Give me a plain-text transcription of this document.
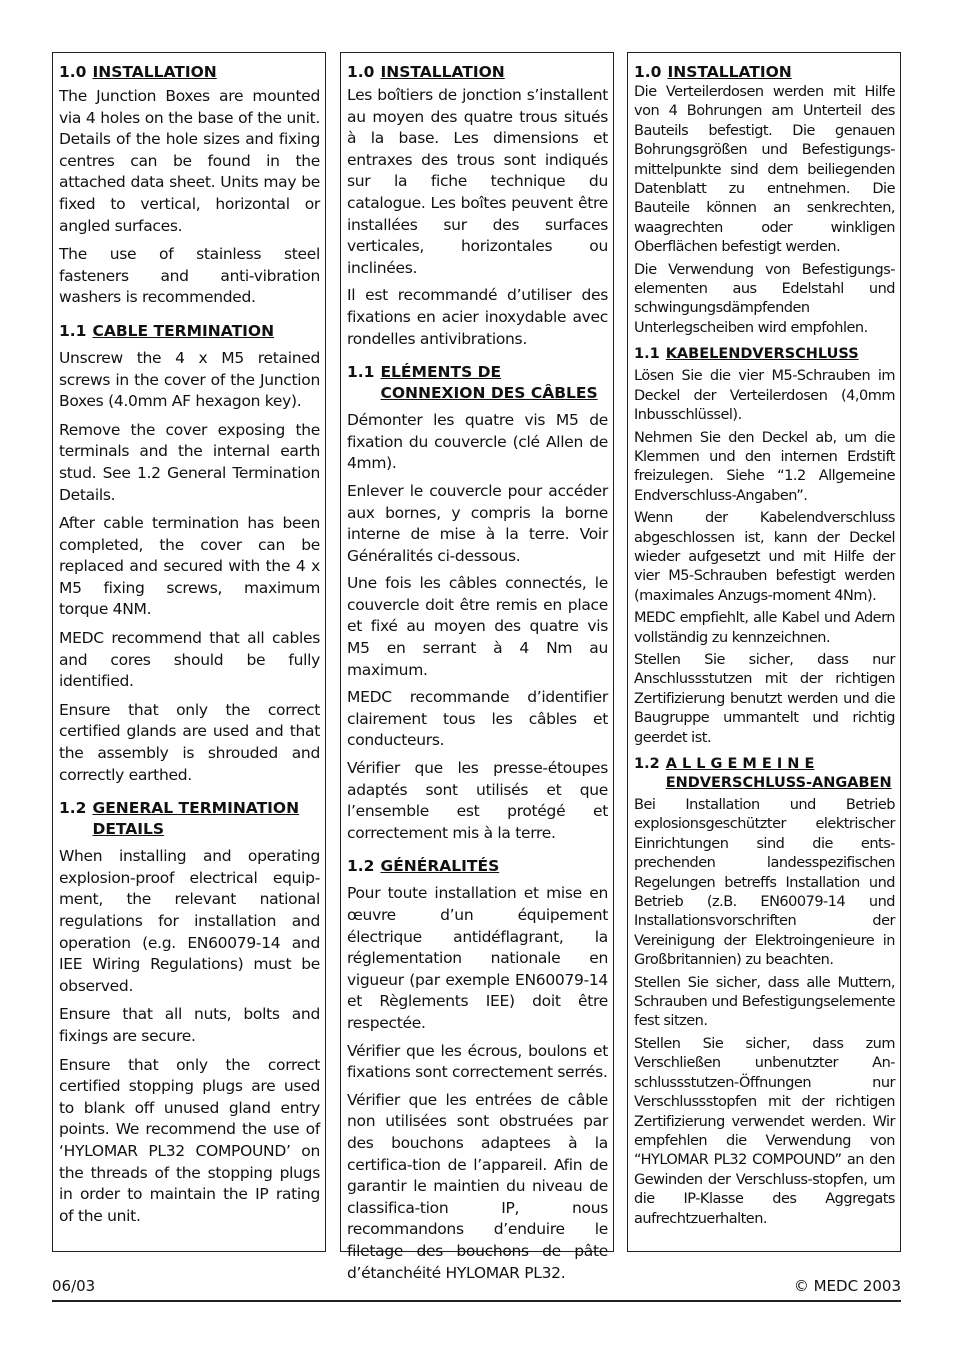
1.0 INSTALLATION

The Junction Boxes are mounted via 4 holes on the base of the unit. Details of the hole sizes and fixing centres can be found in the attached data sheet. Units may be fixed to vertical, horizontal or angled surfaces.

The use of stainless steel fasteners and anti-vibration washers is recommended.

1.1 CABLE TERMINATION

Unscrew the 4 x M5 retained screws in the cover of the Junction Boxes (4.0mm AF hexagon key).

Remove the cover exposing the terminals and the internal earth stud. See 1.2 General Termination Details.

After cable termination has been completed, the cover can be replaced and secured with the 4 x M5 fixing screws, maximum torque 4NM.

MEDC recommend that all cables and cores should be fully identified.

Ensure that only the correct certified glands are used and that the assembly is shrouded and correctly earthed.

1.2 GENERAL TERMINATION DETAILS

When installing and operating explosion-proof electrical equip-ment, the relevant national regulations for installation and operation (e.g. EN60079-14 and IEE Wiring Regulations) must be observed.

Ensure that all nuts, bolts and fixings are secure.

Ensure that only the correct certified stopping plugs are used to blank off unused gland entry points. We recommend the use of ‘HYLOMAR PL32 COMPOUND’ on the threads of the stopping plugs in order to maintain the IP rating of the unit.

1.0 INSTALLATION

Les boîtiers de jonction s’installent au moyen des quatre trous situés à la base. Les dimensions et entraxes des trous sont indiqués sur la fiche technique du catalogue. Les boîtes peuvent être installées sur des surfaces verticales, horizontales ou inclinées.

Il est recommandé d’utiliser des fixations en acier inoxydable avec rondelles antivibrations.

1.1 ELÉMENTS DE CONNEXION DES CÂBLES

Démonter les quatre vis M5 de fixation du couvercle (clé Allen de 4mm).

Enlever le couvercle pour accéder aux bornes, y compris la borne interne de mise à la terre. Voir Généralités ci-dessous.

Une fois les câbles connectés, le couvercle doit être remis en place et fixé au moyen des quatre vis M5 en serrant à 4 Nm au maximum.

MEDC recommande d’identifier clairement tous les câbles et conducteurs.

Vérifier que les presse-étoupes adaptés sont utilisés et que l’ensemble est protégé et correctement mis à la terre.

1.2 GÉNÉRALITÉS

Pour toute installation et mise en œuvre d’un équipement électrique antidéflagrant, la réglementation nationale en vigueur (par exemple EN60079-14 et Règlements IEE) doit être respectée.

Vérifier que les écrous, boulons et fixations sont correctement serrés.

Vérifier que les entrées de câble non utilisées sont obstruées par des bouchons adaptees à la certifica-tion de l’appareil. Afin de garantir le maintien du niveau de classifica-tion IP, nous recommandons d’enduire le filetage des bouchons de pâte d’étanchéité HYLOMAR PL32.

1.0 INSTALLATION

Die Verteilerdosen werden mit Hilfe von 4 Bohrungen am Unterteil des Bauteils befestigt. Die genauen Bohrungsgrößen und Befestigungs-mittelpunkte sind dem beiliegenden Datenblatt zu entnehmen. Die Bauteile können an senkrechten, waagrechten oder winkligen Oberflächen befestigt werden.

Die Verwendung von Befestigungs-elementen aus Edelstahl und schwingungsdämpfenden Unterlegscheiben wird empfohlen.

1.1 KABELENDVERSCHLUSS

Lösen Sie die vier M5-Schrauben im Deckel der Verteilerdosen (4,0mm Inbusschlüssel).

Nehmen Sie den Deckel ab, um die Klemmen und den internen Erdstift freizulegen. Siehe “1.2 Allgemeine Endverschluss-Angaben”.

Wenn der Kabelendverschluss abgeschlossen ist, kann der Deckel wieder aufgesetzt und mit Hilfe der vier M5-Schrauben befestigt werden (maximales Anzugs-moment 4Nm).

MEDC empfiehlt, alle Kabel und Adern vollständig zu kennzeichnen.

Stellen Sie sicher, dass nur Anschlussstutzen mit der richtigen Zertifizierung benutzt werden und die Baugruppe ummantelt und richtig geerdet ist.

1.2 A L L G E M E I N E ENDVERSCHLUSS-ANGABEN

Bei Installation und Betrieb explosionsgeschützter elektrischer Einrichtungen sind die ents-prechenden landesspezifischen Regelungen betreffs Installation und Betrieb (z.B. EN60079-14 und Installationsvorschriften der Vereinigung der Elektroingenieure in Großbritannien) zu beachten.

Stellen Sie sicher, dass alle Muttern, Schrauben und Befestigungselemente fest sitzen.

Stellen Sie sicher, dass zum Verschließen unbenutzter An-schlussstutzen-Öffnungen nur Verschlussstopfen mit der richtigen Zertifizierung verwendet werden. Wir empfehlen die Verwendung von “HYLOMAR PL32 COMPOUND” an den Gewinden der Verschluss-stopfen, um die IP-Klasse des Aggregats aufrechtzuerhalten.

06/03	© MEDC 2003
